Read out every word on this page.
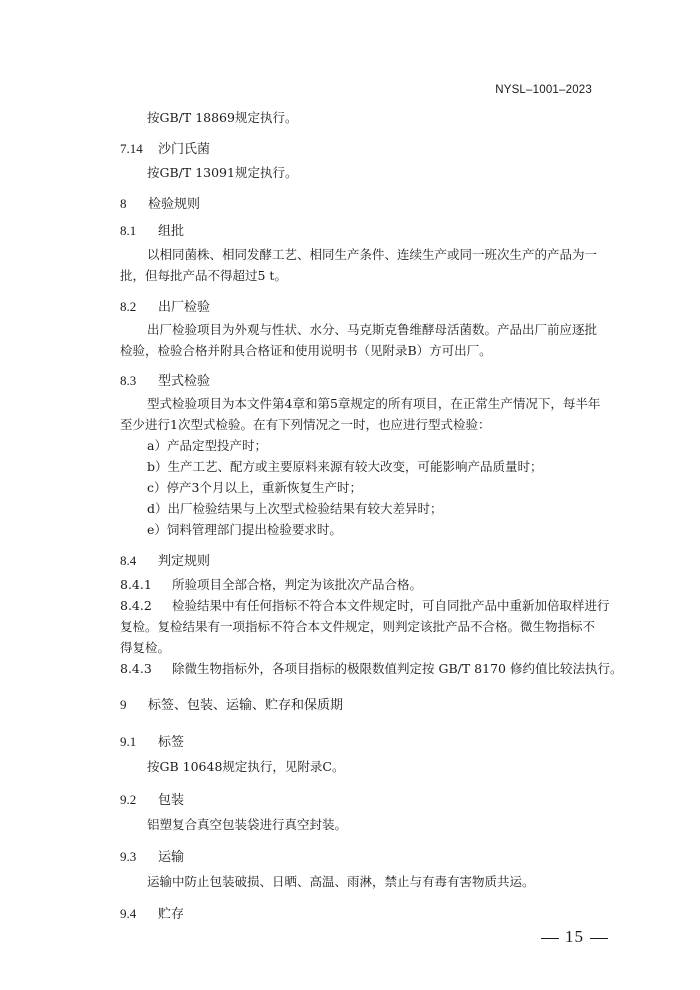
NYSL–1001–2023
按GB/T 18869规定执行。
7.14 沙门氏菌
按GB/T 13091规定执行。
8 检验规则
8.1 组批
以相同菌株、相同发酵工艺、相同生产条件、连续生产或同一班次生产的产品为一
批，但每批产品不得超过5 t。
8.2 出厂检验
出厂检验项目为外观与性状、水分、马克斯克鲁维酵母活菌数。产品出厂前应逐批
检验，检验合格并附具合格证和使用说明书（见附录B）方可出厂。
8.3 型式检验
型式检验项目为本文件第4章和第5章规定的所有项目，在正常生产情况下，每半年
至少进行1次型式检验。在有下列情况之一时，也应进行型式检验：
a）产品定型投产时；
b）生产工艺、配方或主要原料来源有较大改变，可能影响产品质量时；
c）停产3个月以上，重新恢复生产时；
d）出厂检验结果与上次型式检验结果有较大差异时；
e）饲料管理部门提出检验要求时。
8.4 判定规则
8.4.1 所验项目全部合格，判定为该批次产品合格。
8.4.2 检验结果中有任何指标不符合本文件规定时，可自同批产品中重新加倍取样进行
复检。复检结果有一项指标不符合本文件规定，则判定该批产品不合格。微生物指标不
得复检。
8.4.3 除微生物指标外，各项目指标的极限数值判定按 GB/T 8170 修约值比较法执行。
9 标签、包装、运输、贮存和保质期
9.1 标签
按GB 10648规定执行，见附录C。
9.2 包装
铝塑复合真空包装袋进行真空封装。
9.3 运输
运输中防止包装破损、日晒、高温、雨淋，禁止与有毒有害物质共运。
9.4 贮存
15
